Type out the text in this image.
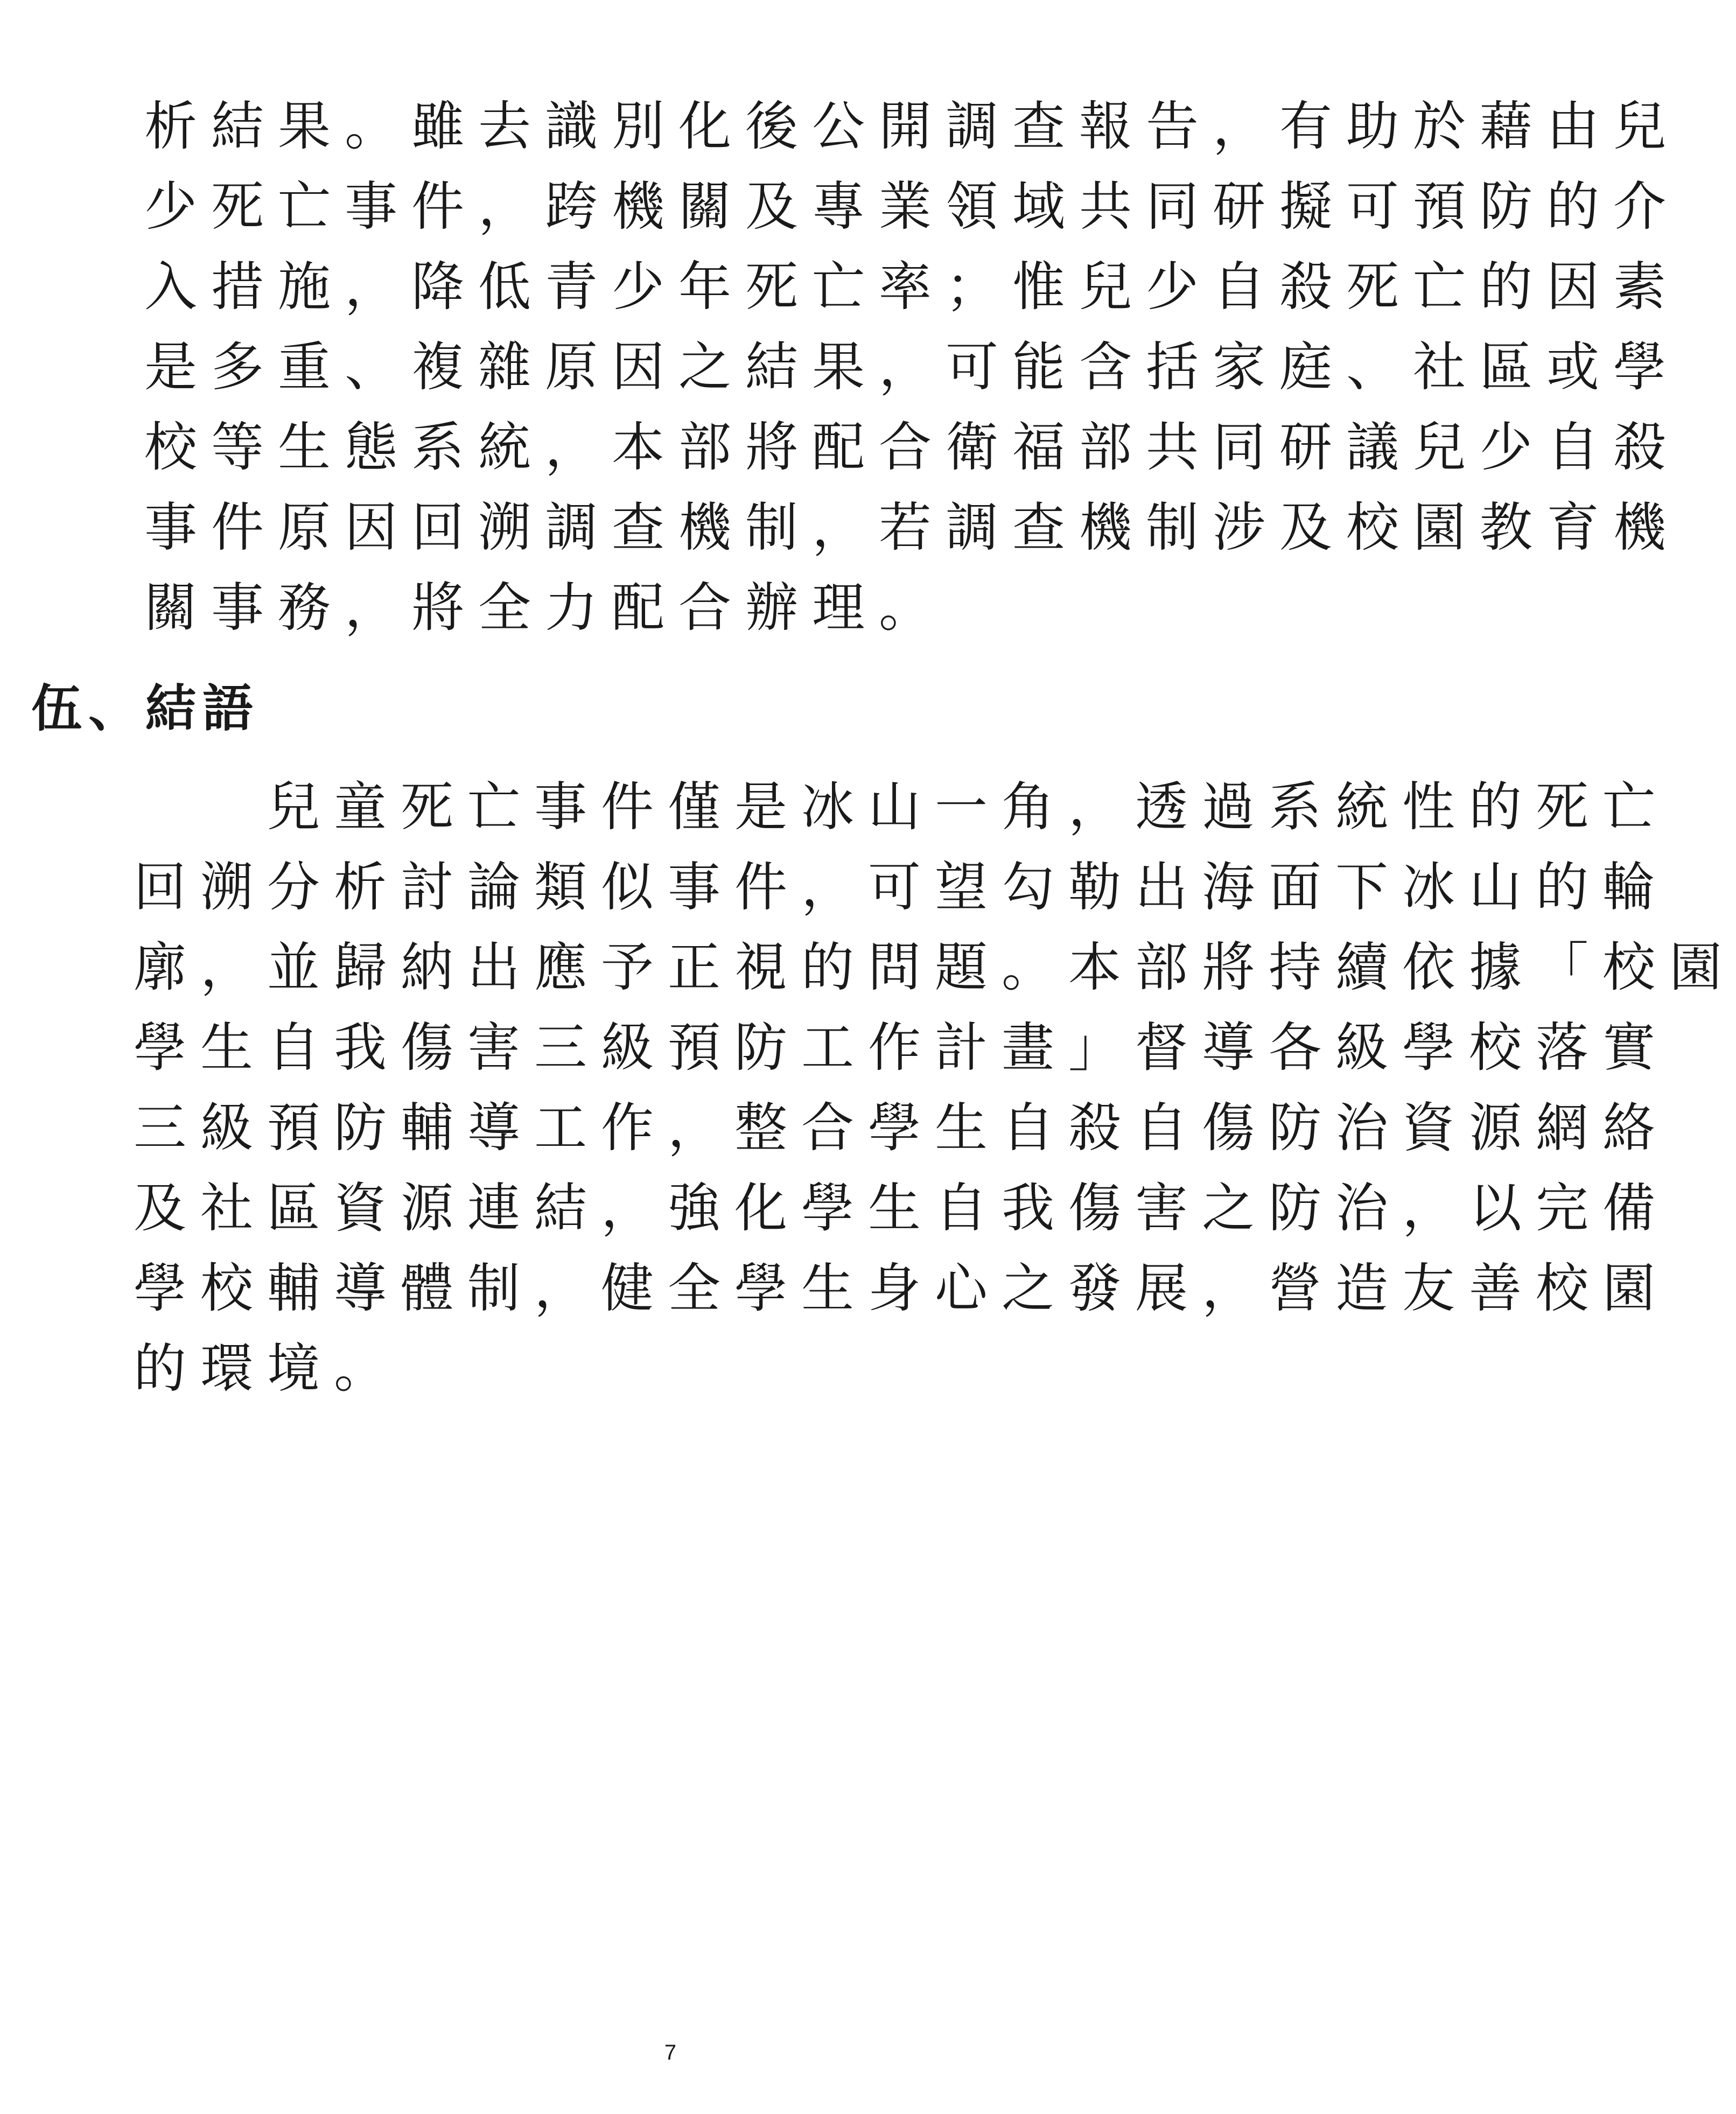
析結果。雖去識別化後公開調查報告，有助於藉由兒
少死亡事件，跨機關及專業領域共同研擬可預防的介
入措施，降低青少年死亡率；惟兒少自殺死亡的因素
是多重、複雜原因之結果，可能含括家庭、社區或學
校等生態系統，本部將配合衛福部共同研議兒少自殺
事件原因回溯調查機制，若調查機制涉及校園教育機
關事務，將全力配合辦理。
伍、結語
　　兒童死亡事件僅是冰山一角，透過系統性的死亡
回溯分析討論類似事件，可望勾勒出海面下冰山的輪
廓，並歸納出應予正視的問題。本部將持續依據「校園
學生自我傷害三級預防工作計畫」督導各級學校落實
三級預防輔導工作，整合學生自殺自傷防治資源網絡
及社區資源連結，強化學生自我傷害之防治，以完備
學校輔導體制，健全學生身心之發展，營造友善校園
的環境。
7
